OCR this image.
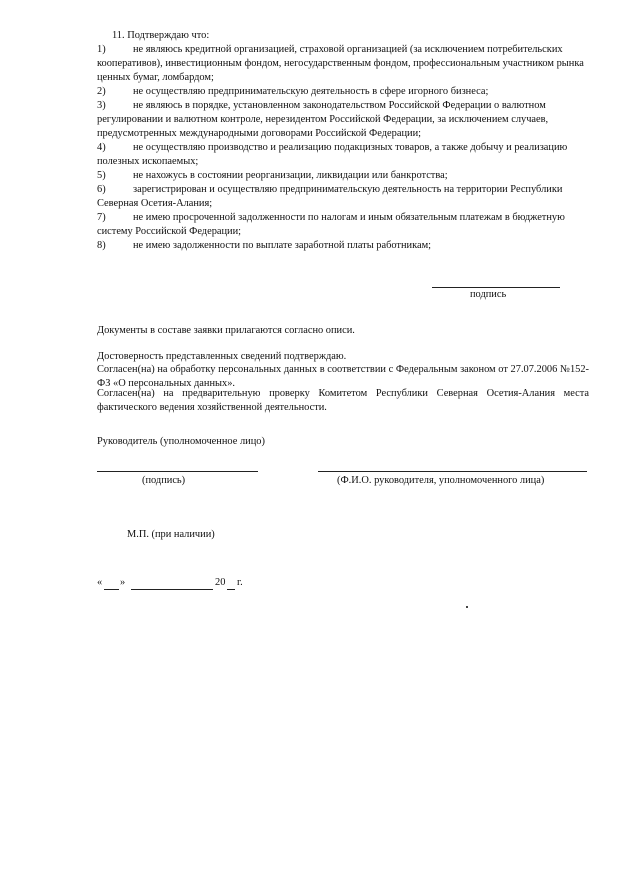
11. Подтверждаю что:
1)	не являюсь кредитной организацией, страховой организацией (за исключением потребительских кооперативов), инвестиционным фондом, негосударственным фондом, профессиональным участником рынка ценных бумаг, ломбардом;
2)	не осуществляю предпринимательскую деятельность в сфере игорного бизнеса;
3)	не являюсь в порядке, установленном законодательством Российской Федерации о валютном регулировании и валютном контроле, нерезидентом Российской Федерации, за исключением случаев, предусмотренных международными договорами Российской Федерации;
4)	не осуществляю производство и реализацию подакцизных товаров, а также добычу и реализацию полезных ископаемых;
5)	не нахожусь в состоянии реорганизации, ликвидации или банкротства;
6)	зарегистрирован и осуществляю предпринимательскую деятельность на территории Республики Северная Осетия-Алания;
7)	не имею просроченной задолженности по налогам и иным обязательным платежам в бюджетную систему Российской Федерации;
8)	не имею задолженности по выплате заработной платы работникам;
подпись
Документы в составе заявки прилагаются согласно описи.
Достоверность представленных сведений подтверждаю.
Согласен(на) на обработку персональных данных в соответствии с Федеральным законом от 27.07.2006 №152-ФЗ «О персональных данных».
Согласен(на) на предварительную проверку Комитетом Республики Северная Осетия-Алания места фактического ведения хозяйственной деятельности.
Руководитель (уполномоченное лицо)
(подпись)	(Ф.И.О. руководителя, уполномоченного лица)
М.П. (при наличии)
« »	20 г.
